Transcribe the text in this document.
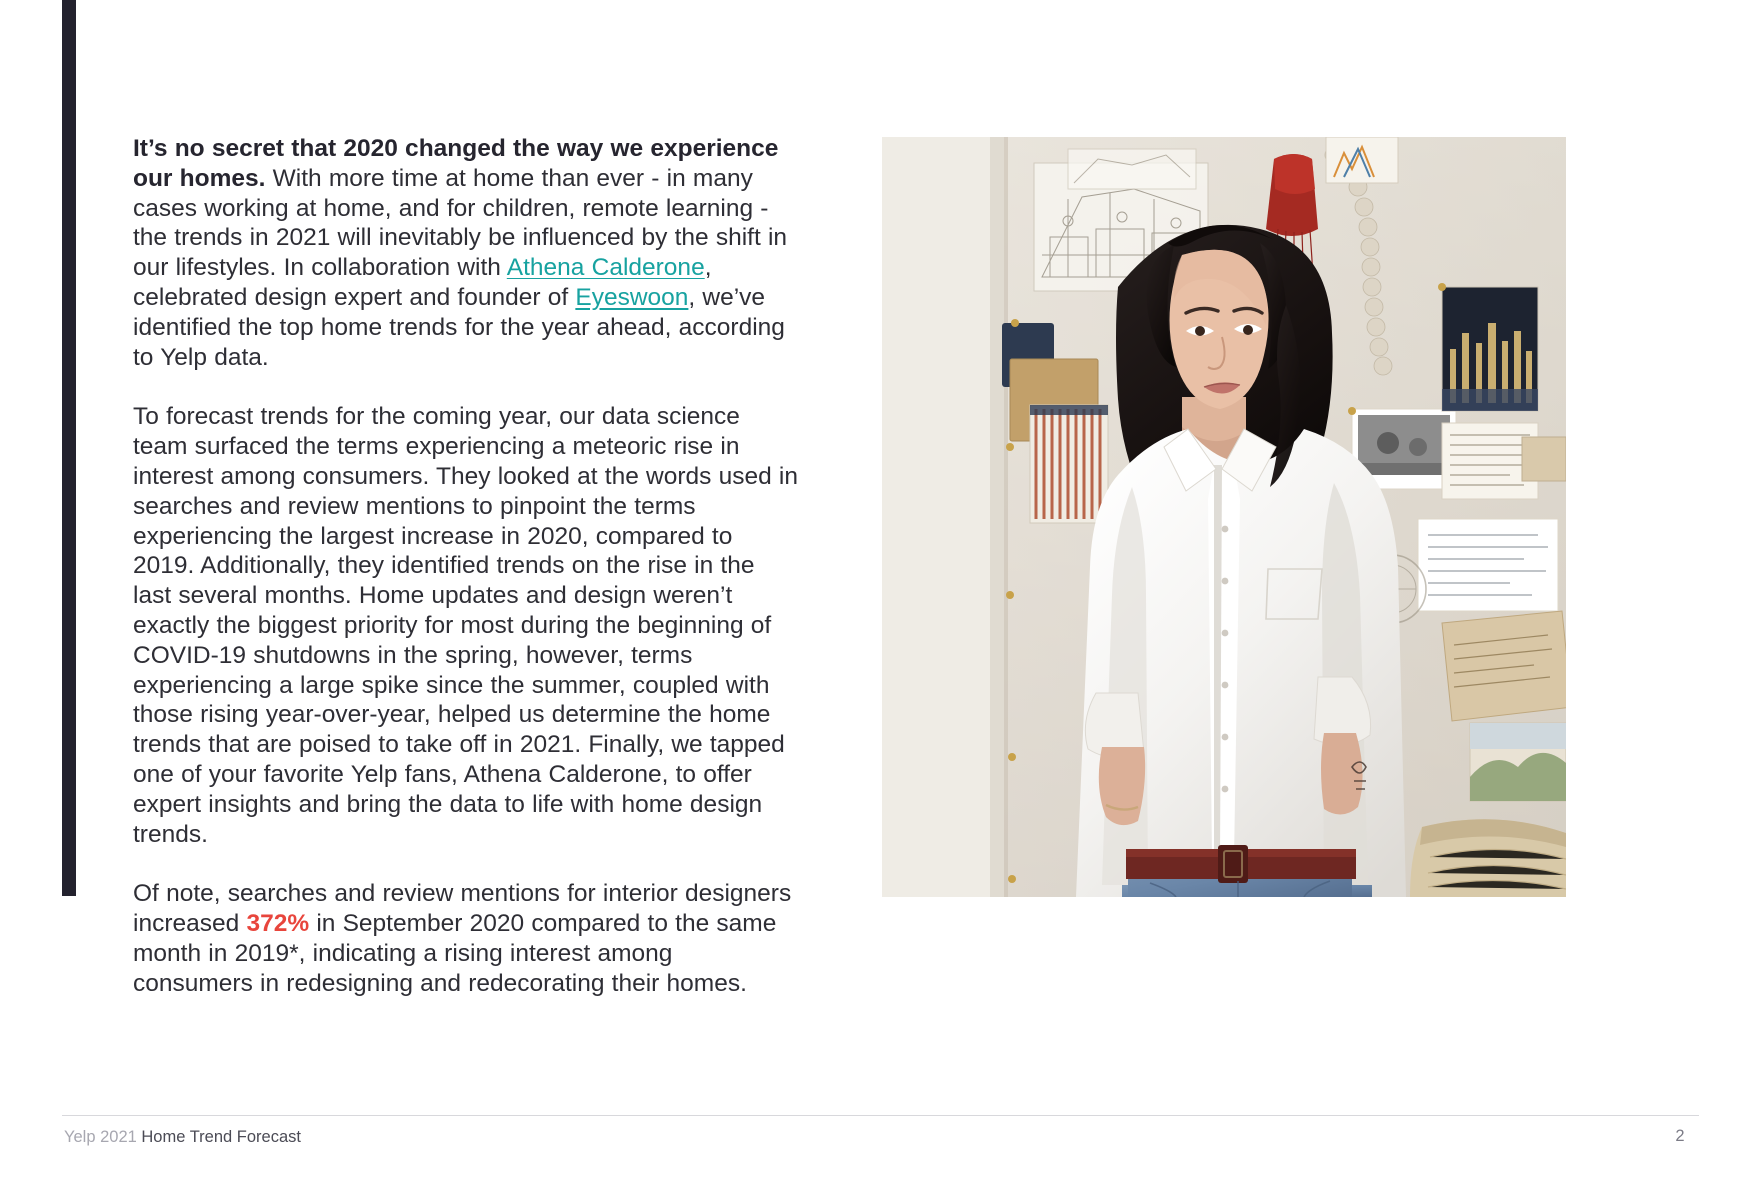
It’s no secret that 2020 changed the way we experience our homes. With more time at home than ever - in many cases working at home, and for children, remote learning - the trends in 2021 will inevitably be influenced by the shift in our lifestyles. In collaboration with Athena Calderone, celebrated design expert and founder of Eyeswoon, we’ve identified the top home trends for the year ahead, according to Yelp data.

To forecast trends for the coming year, our data science team surfaced the terms experiencing a meteoric rise in interest among consumers. They looked at the words used in searches and review mentions to pinpoint the terms experiencing the largest increase in 2020, compared to 2019. Additionally, they identified trends on the rise in the last several months. Home updates and design weren’t exactly the biggest priority for most during the beginning of COVID-19 shutdowns in the spring, however, terms experiencing a large spike since the summer, coupled with those rising year-over-year, helped us determine the home trends that are poised to take off in 2021. Finally, we tapped one of your favorite Yelp fans, Athena Calderone, to offer expert insights and bring the data to life with home design trends.

Of note, searches and review mentions for interior designers increased 372% in September 2020 compared to the same month in 2019*, indicating a rising interest among consumers in redesigning and redecorating their homes.

Yelp 2021 Home Trend Forecast	2
